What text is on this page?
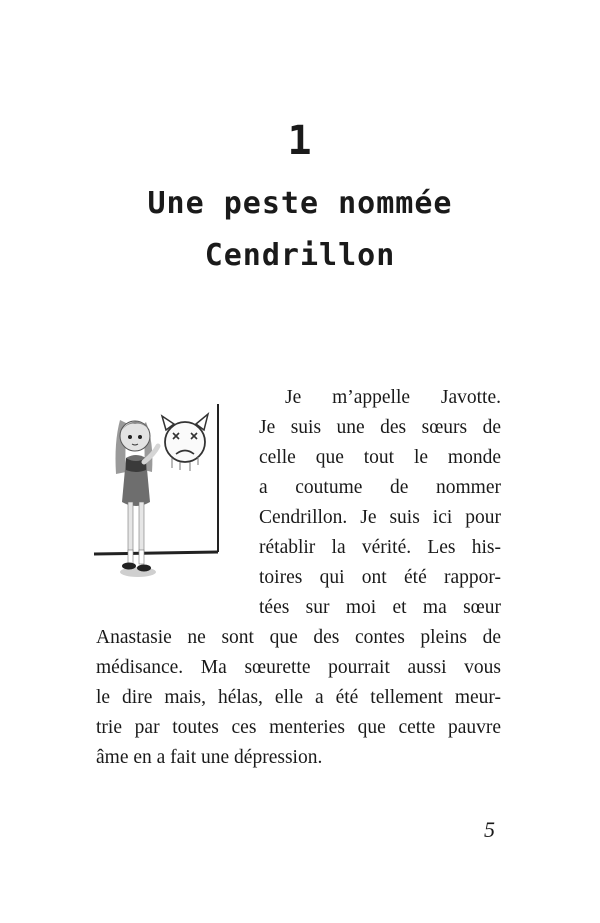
1
Une peste nommée
Cendrillon
Je m’appelle Javotte.
Je suis une des sœurs de
celle que tout le monde
a coutume de nommer
Cendrillon. Je suis ici pour
rétablir la vérité. Les his-
toires qui ont été rappor-
tées sur moi et ma sœur
Anastasie ne sont que des contes pleins de
médisance. Ma sœurette pourrait aussi vous
le dire mais, hélas, elle a été tellement meur-
trie par toutes ces menteries que cette pauvre
âme en a fait une dépression.
5
